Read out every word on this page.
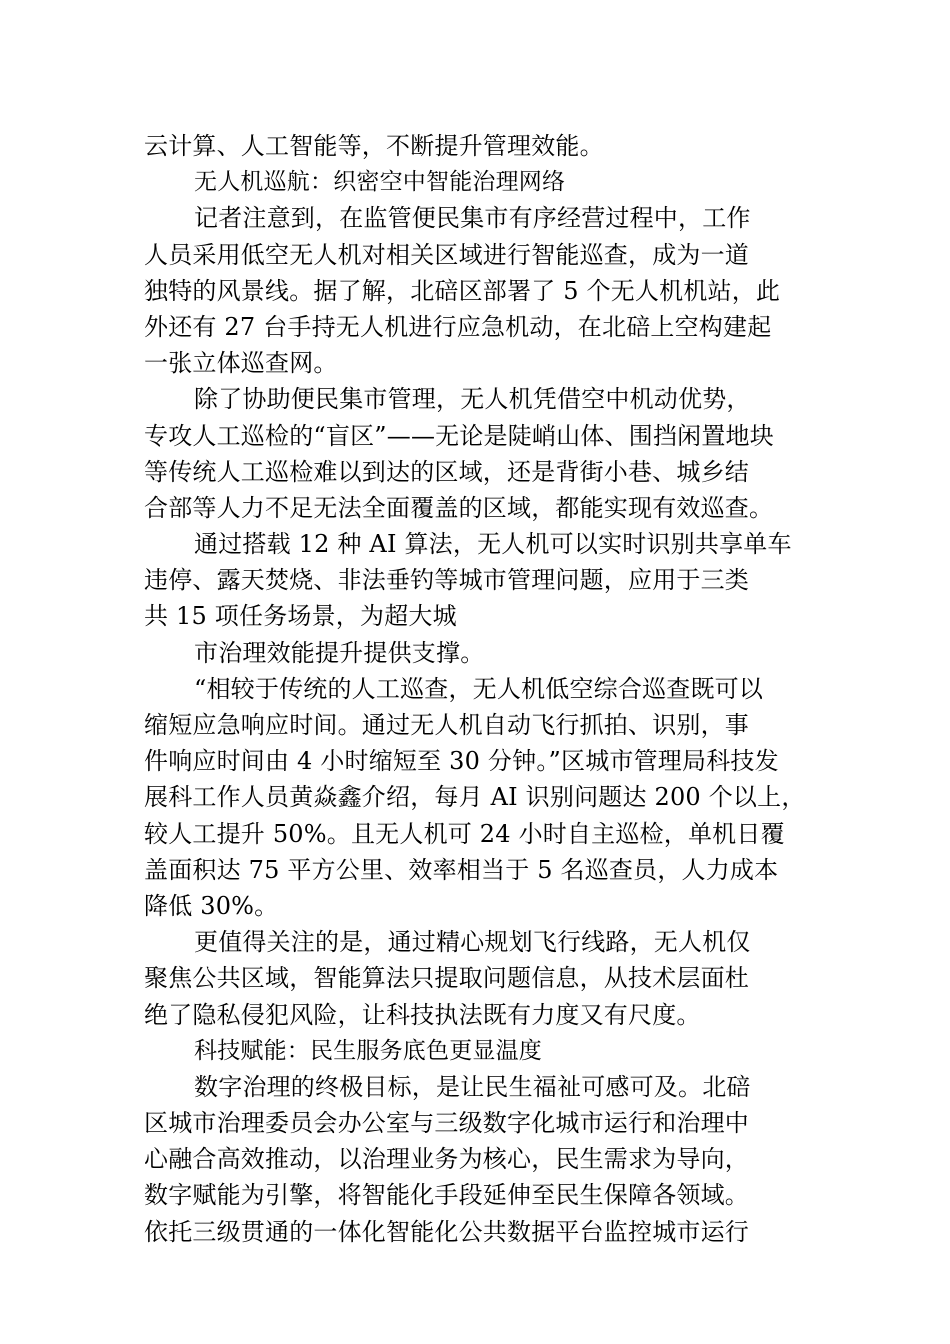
云计算、人工智能等，不断提升管理效能。
无人机巡航：织密空中智能治理网络
记者注意到，在监管便民集市有序经营过程中，工作
人员采用低空无人机对相关区域进行智能巡查，成为一道
独特的风景线。据了解，北碚区部署了 5 个无人机机站，此
外还有 27 台手持无人机进行应急机动，在北碚上空构建起
一张立体巡查网。
除了协助便民集市管理，无人机凭借空中机动优势，
专攻人工巡检的“盲区”——无论是陡峭山体、围挡闲置地块
等传统人工巡检难以到达的区域，还是背街小巷、城乡结
合部等人力不足无法全面覆盖的区域，都能实现有效巡查。
通过搭载 12 种 AI 算法，无人机可以实时识别共享单车
违停、露天焚烧、非法垂钓等城市管理问题，应用于三类
共 15 项任务场景，为超大城
市治理效能提升提供支撑。
“相较于传统的人工巡查，无人机低空综合巡查既可以
缩短应急响应时间。通过无人机自动飞行抓拍、识别，事
件响应时间由 4 小时缩短至 30 分钟。”区城市管理局科技发
展科工作人员黄焱鑫介绍，每月 AI 识别问题达 200 个以上，
较人工提升 50%。且无人机可 24 小时自主巡检，单机日覆
盖面积达 75 平方公里、效率相当于 5 名巡查员，人力成本
降低 30%。
更值得关注的是，通过精心规划飞行线路，无人机仅
聚焦公共区域，智能算法只提取问题信息，从技术层面杜
绝了隐私侵犯风险，让科技执法既有力度又有尺度。
科技赋能：民生服务底色更显温度
数字治理的终极目标，是让民生福祉可感可及。北碚
区城市治理委员会办公室与三级数字化城市运行和治理中
心融合高效推动，以治理业务为核心，民生需求为导向，
数字赋能为引擎，将智能化手段延伸至民生保障各领域。
依托三级贯通的一体化智能化公共数据平台监控城市运行
